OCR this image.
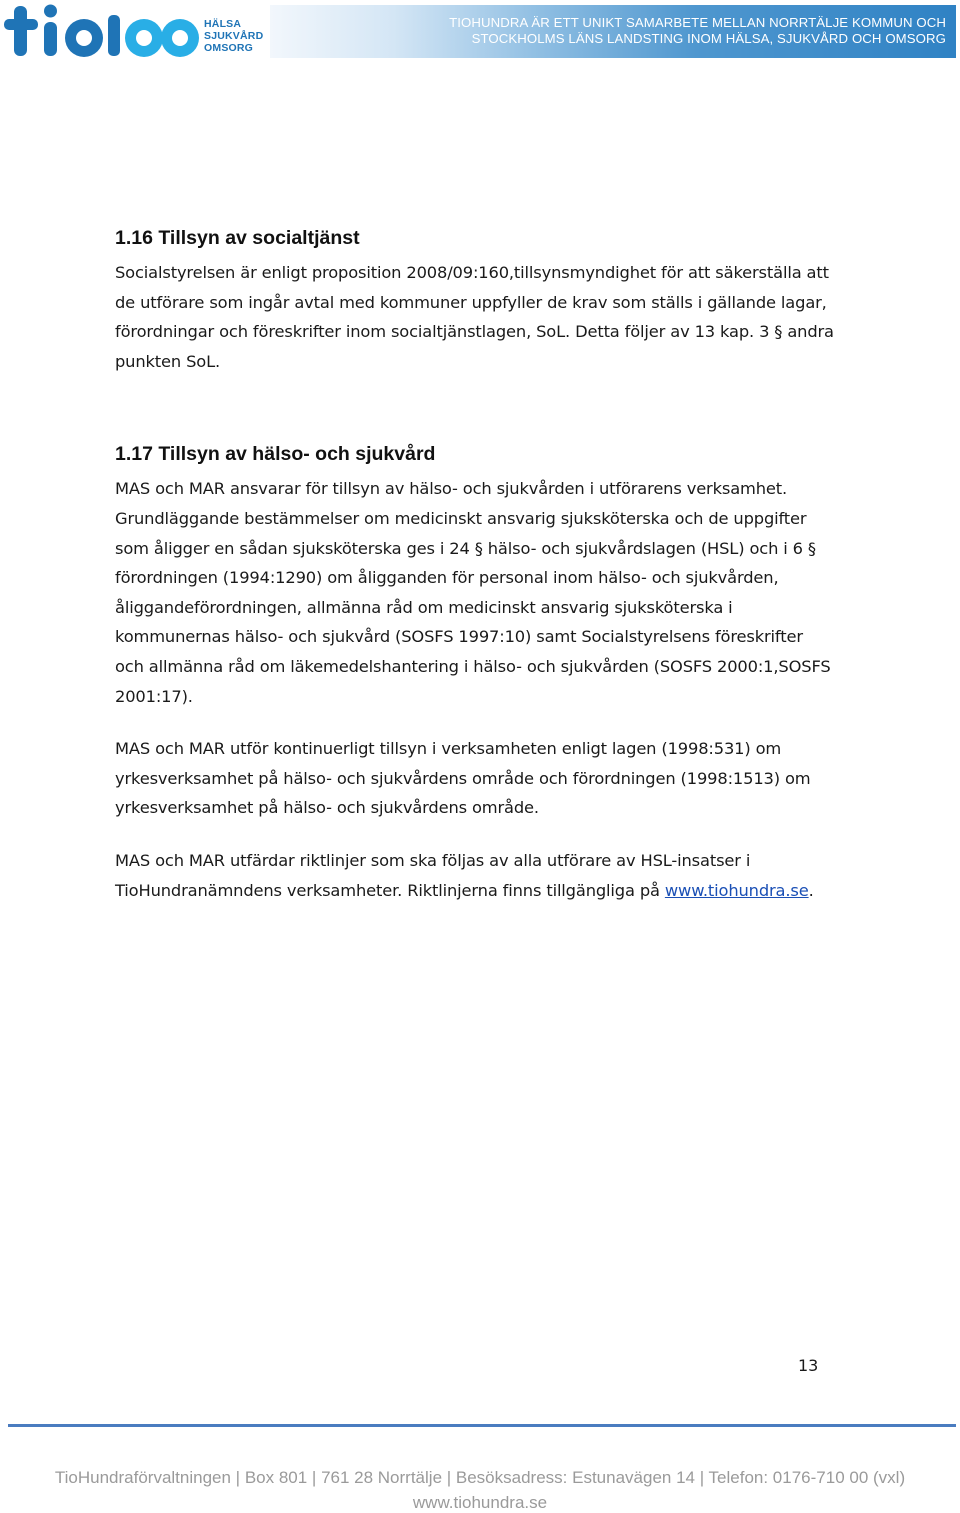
HÄLSA
SJUKVÅRD
OMSORG
TIOHUNDRA ÄR ETT UNIKT SAMARBETE MELLAN NORRTÄLJE KOMMUN OCH
STOCKHOLMS LÄNS LANDSTING INOM HÄLSA, SJUKVÅRD OCH OMSORG
1.16 Tillsyn av socialtjänst

Socialstyrelsen är enligt proposition 2008/09:160,tillsynsmyndighet för att säkerställa att de utförare som ingår avtal med kommuner uppfyller de krav som ställs i gällande lagar, förordningar och föreskrifter inom socialtjänstlagen, SoL. Detta följer av 13 kap. 3 § andra punkten SoL.

1.17 Tillsyn av hälso- och sjukvård

MAS och MAR ansvarar för tillsyn av hälso- och sjukvården i utförarens verksamhet. Grundläggande bestämmelser om medicinskt ansvarig sjuksköterska och de uppgifter som åligger en sådan sjuksköterska ges i 24 § hälso- och sjukvårdslagen (HSL) och i 6 § förordningen (1994:1290) om åligganden för personal inom hälso- och sjukvården, åliggandeförordningen, allmänna råd om medicinskt ansvarig sjuksköterska i kommunernas hälso- och sjukvård (SOSFS 1997:10) samt Socialstyrelsens föreskrifter och allmänna råd om läkemedelshantering i hälso- och sjukvården (SOSFS 2000:1,SOSFS 2001:17).

MAS och MAR utför kontinuerligt tillsyn i verksamheten enligt lagen (1998:531) om yrkesverksamhet på hälso- och sjukvårdens område och förordningen (1998:1513) om yrkesverksamhet på hälso- och sjukvårdens område.

MAS och MAR utfärdar riktlinjer som ska följas av alla utförare av HSL-insatser i TioHundranämndens verksamheter. Riktlinjerna finns tillgängliga på www.tiohundra.se.

13
TioHundraförvaltningen | Box 801 | 761 28 Norrtälje | Besöksadress: Estunavägen 14 | Telefon: 0176-710 00 (vxl)
www.tiohundra.se
